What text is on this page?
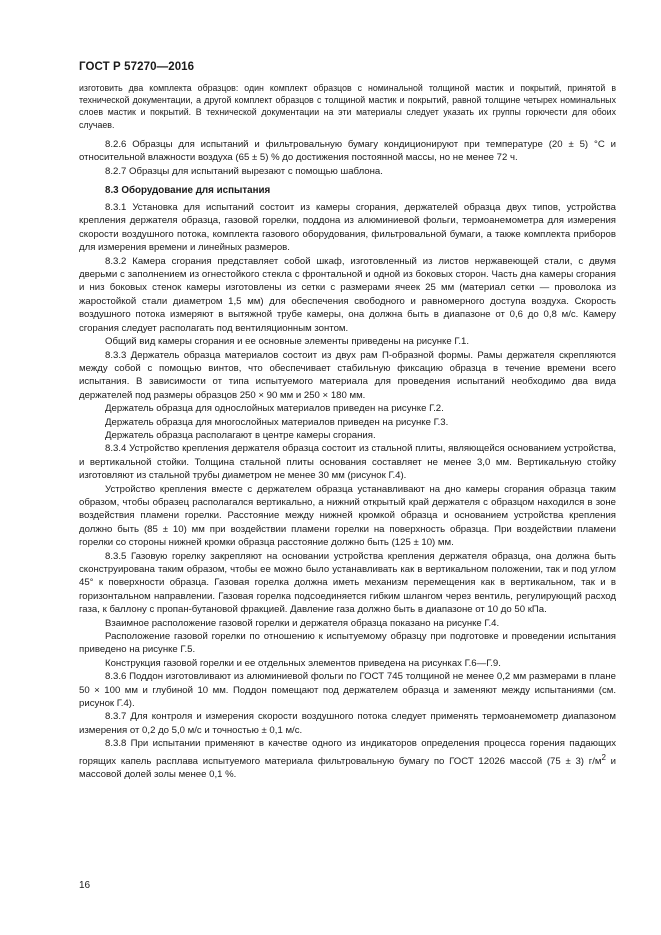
ГОСТ Р 57270—2016

изготовить два комплекта образцов: один комплект образцов с номинальной толщиной мастик и покрытий, принятой в технической документации, а другой комплект образцов с толщиной мастик и покрытий, равной толщине четырех номинальных слоев мастик и покрытий. В технической документации на эти материалы следует указать их группы горючести для обоих случаев.

8.2.6 Образцы для испытаний и фильтровальную бумагу кондиционируют при температуре (20 ± 5) °С и относительной влажности воздуха (65 ± 5) % до достижения постоянной массы, но не менее 72 ч.

8.2.7 Образцы для испытаний вырезают с помощью шаблона.

8.3 Оборудование для испытания

8.3.1 Установка для испытаний состоит из камеры сгорания, держателей образца двух типов, устройства крепления держателя образца, газовой горелки, поддона из алюминиевой фольги, термоанемометра для измерения скорости воздушного потока, комплекта газового оборудования, фильтровальной бумаги, а также комплекта приборов для измерения времени и линейных размеров.

8.3.2 Камера сгорания представляет собой шкаф, изготовленный из листов нержавеющей стали, с двумя дверьми с заполнением из огнестойкого стекла с фронтальной и одной из боковых сторон. Часть дна камеры сгорания и низ боковых стенок камеры изготовлены из сетки с размерами ячеек 25 мм (материал сетки — проволока из жаростойкой стали диаметром 1,5 мм) для обеспечения свободного и равномерного доступа воздуха. Скорость воздушного потока измеряют в вытяжной трубе камеры, она должна быть в диапазоне от 0,6 до 0,8 м/с. Камеру сгорания следует располагать под вентиляционным зонтом.

Общий вид камеры сгорания и ее основные элементы приведены на рисунке Г.1.

8.3.3 Держатель образца материалов состоит из двух рам П-образной формы. Рамы держателя скрепляются между собой с помощью винтов, что обеспечивает стабильную фиксацию образца в течение времени всего испытания. В зависимости от типа испытуемого материала для проведения испытаний необходимо два вида держателей под размеры образцов 250 × 90 мм и 250 × 180 мм.

Держатель образца для однослойных материалов приведен на рисунке Г.2.

Держатель образца для многослойных материалов приведен на рисунке Г.3.

Держатель образца располагают в центре камеры сгорания.

8.3.4 Устройство крепления держателя образца состоит из стальной плиты, являющейся основанием устройства, и вертикальной стойки. Толщина стальной плиты основания составляет не менее 3,0 мм. Вертикальную стойку изготовляют из стальной трубы диаметром не менее 30 мм (рисунок Г.4).

Устройство крепления вместе с держателем образца устанавливают на дно камеры сгорания образца таким образом, чтобы образец располагался вертикально, а нижний открытый край держателя с образцом находился в зоне воздействия пламени горелки. Расстояние между нижней кромкой образца и основанием устройства крепления должно быть (85 ± 10) мм при воздействии пламени горелки на поверхность образца. При воздействии пламени горелки со стороны нижней кромки образца расстояние должно быть (125 ± 10) мм.

8.3.5 Газовую горелку закрепляют на основании устройства крепления держателя образца, она должна быть сконструирована таким образом, чтобы ее можно было устанавливать как в вертикальном положении, так и под углом 45° к поверхности образца. Газовая горелка должна иметь механизм перемещения как в вертикальном, так и в горизонтальном направлении. Газовая горелка подсоединяется гибким шлангом через вентиль, регулирующий расход газа, к баллону с пропан-бутановой фракцией. Давление газа должно быть в диапазоне от 10 до 50 кПа.

Взаимное расположение газовой горелки и держателя образца показано на рисунке Г.4.

Расположение газовой горелки по отношению к испытуемому образцу при подготовке и проведении испытания приведено на рисунке Г.5.

Конструкция газовой горелки и ее отдельных элементов приведена на рисунках Г.6—Г.9.

8.3.6 Поддон изготовливают из алюминиевой фольги по ГОСТ 745 толщиной не менее 0,2 мм размерами в плане 50 × 100 мм и глубиной 10 мм. Поддон помещают под держателем образца и заменяют между испытаниями (см. рисунок Г.4).

8.3.7 Для контроля и измерения скорости воздушного потока следует применять термоанемометр диапазоном измерения от 0,2 до 5,0 м/с и точностью ± 0,1 м/с.

8.3.8 При испытании применяют в качестве одного из индикаторов определения процесса горения падающих горящих капель расплава испытуемого материала фильтровальную бумагу по ГОСТ 12026 массой (75 ± 3) $г/м^2$ и массовой долей золы менее 0,1 %.

16
